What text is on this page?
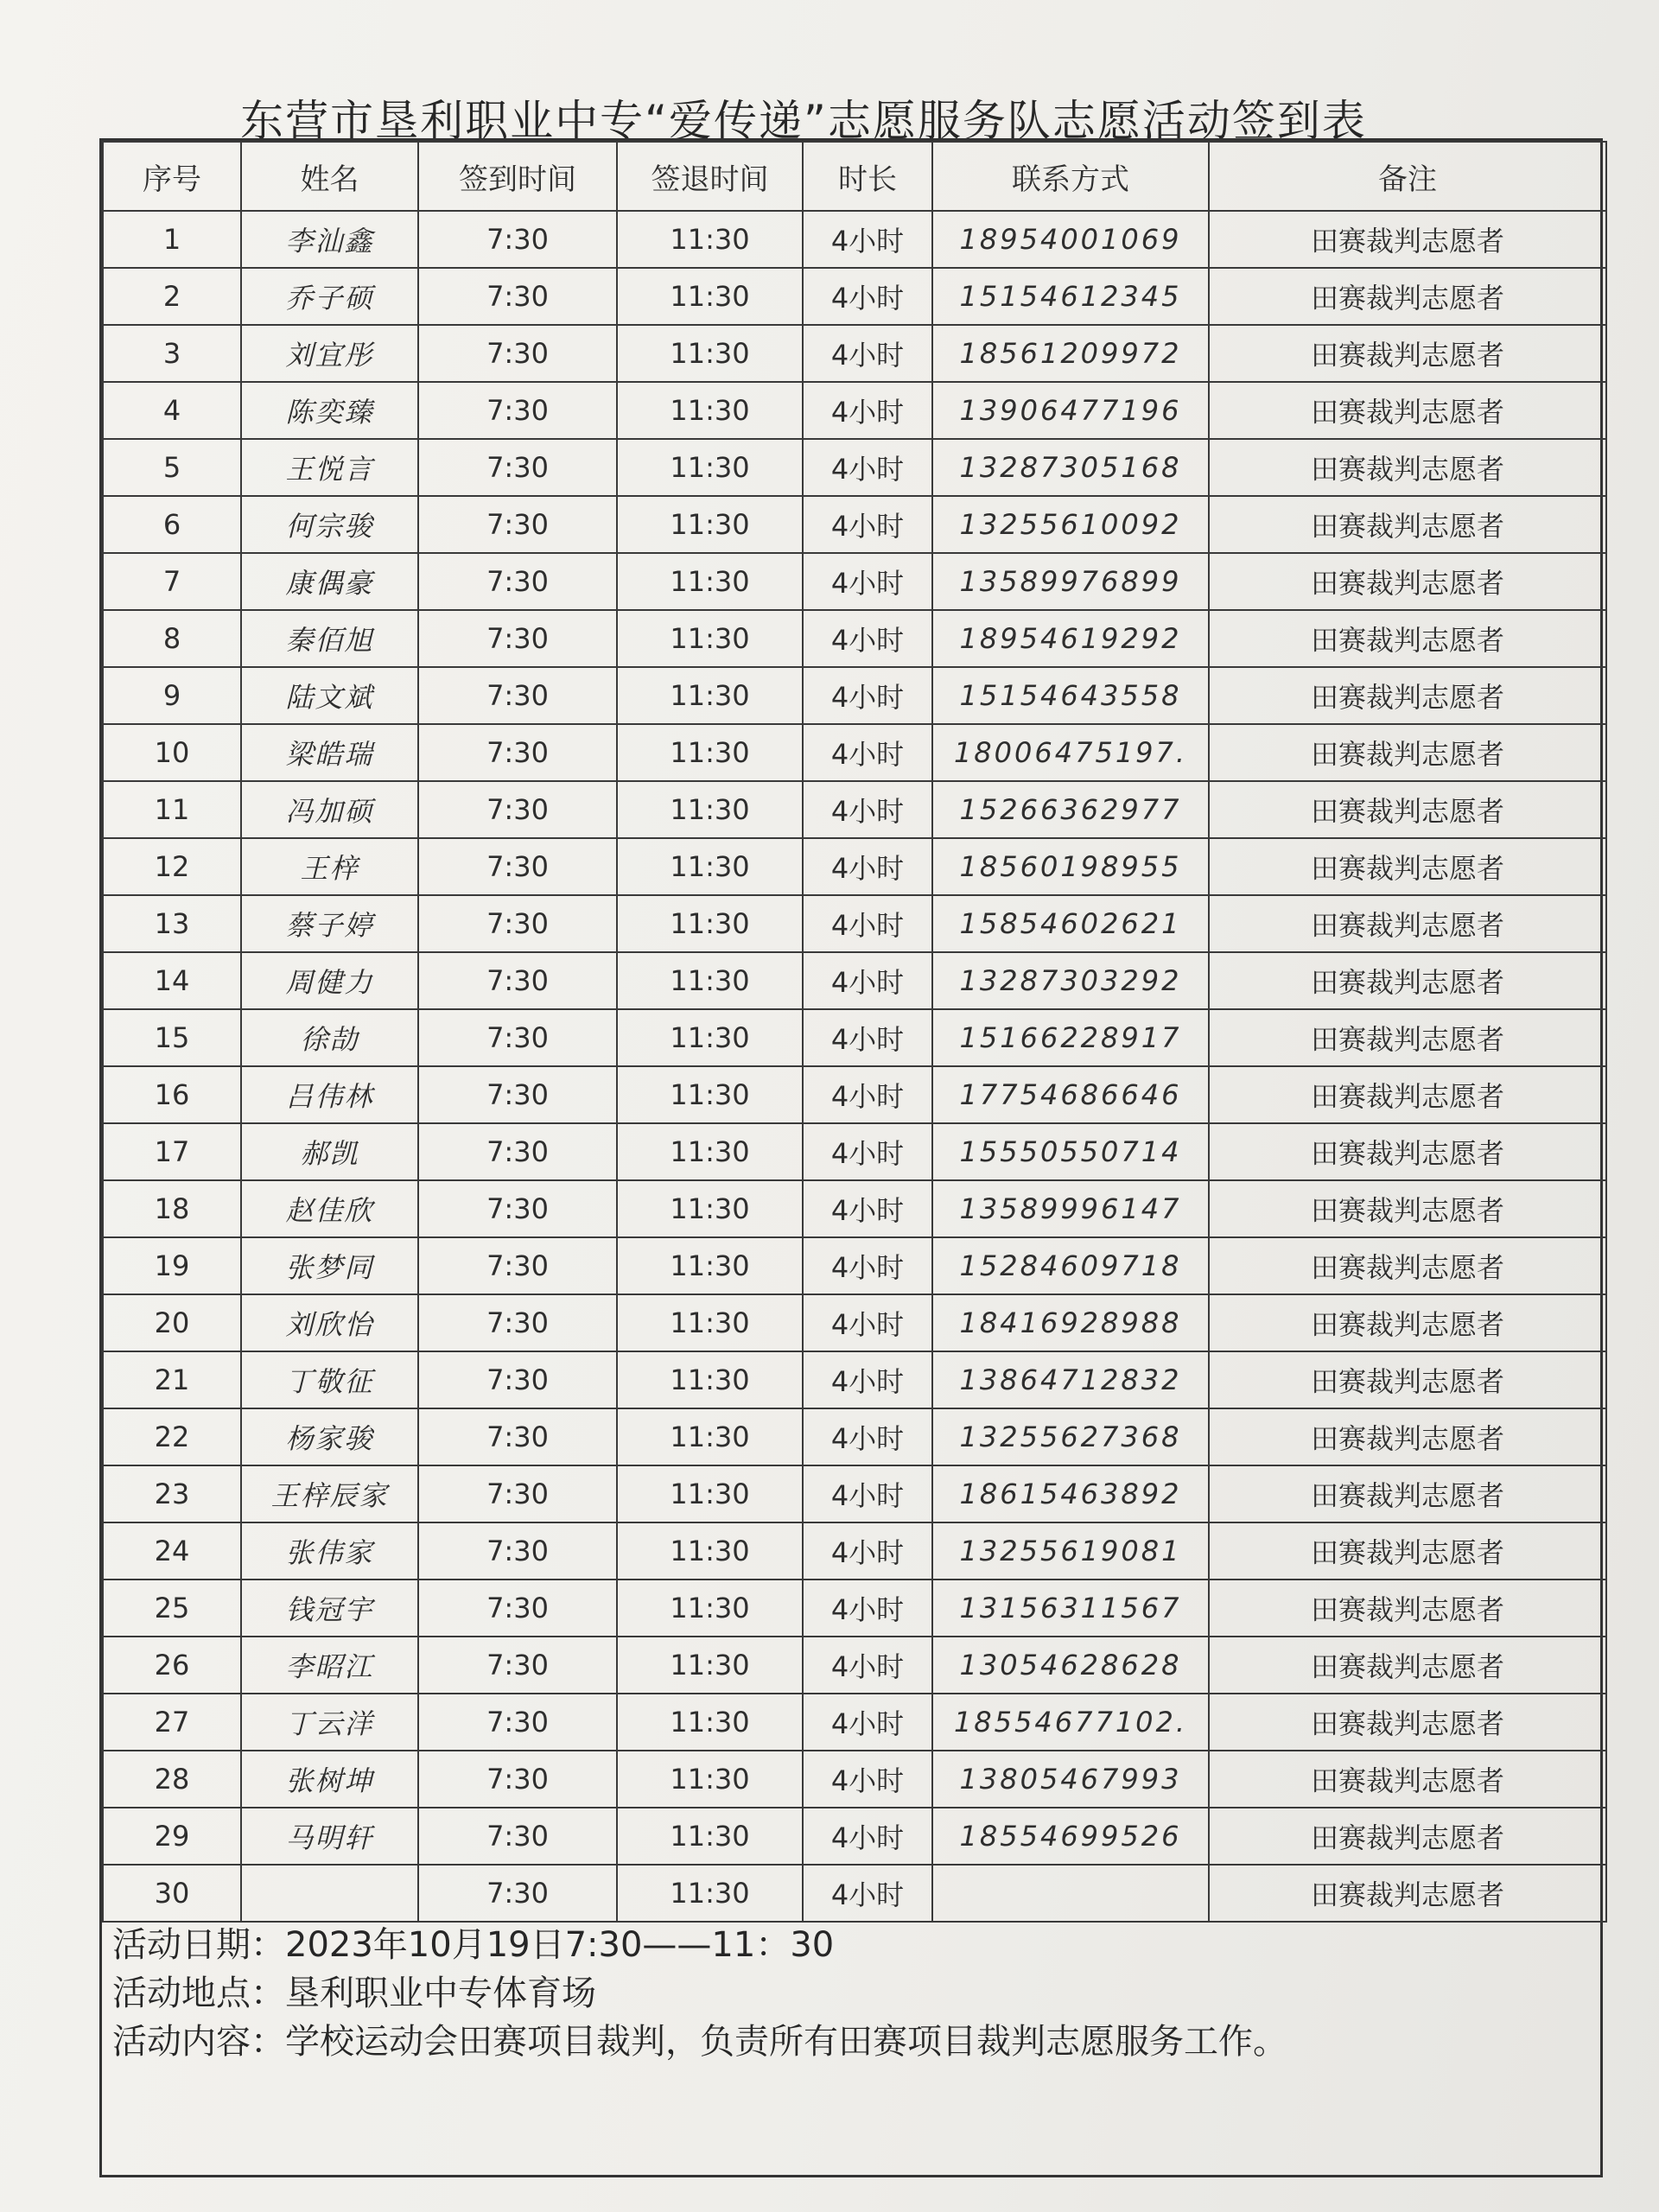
东营市垦利职业中专“爱传递”志愿服务队志愿活动签到表
序号	姓名	签到时间	签退时间	时长	联系方式	备注
1	李汕鑫	7:30	11:30	4小时	18954001069	田赛裁判志愿者
2	乔子硕	7:30	11:30	4小时	15154612345	田赛裁判志愿者
3	刘宜彤	7:30	11:30	4小时	18561209972	田赛裁判志愿者
4	陈奕臻	7:30	11:30	4小时	13906477196	田赛裁判志愿者
5	王悦言	7:30	11:30	4小时	13287305168	田赛裁判志愿者
6	何宗骏	7:30	11:30	4小时	13255610092	田赛裁判志愿者
7	康偶豪	7:30	11:30	4小时	13589976899	田赛裁判志愿者
8	秦佰旭	7:30	11:30	4小时	18954619292	田赛裁判志愿者
9	陆文斌	7:30	11:30	4小时	15154643558	田赛裁判志愿者
10	梁皓瑞	7:30	11:30	4小时	18006475197.	田赛裁判志愿者
11	冯加硕	7:30	11:30	4小时	15266362977	田赛裁判志愿者
12	王梓	7:30	11:30	4小时	18560198955	田赛裁判志愿者
13	蔡子婷	7:30	11:30	4小时	15854602621	田赛裁判志愿者
14	周健力	7:30	11:30	4小时	13287303292	田赛裁判志愿者
15	徐劼	7:30	11:30	4小时	15166228917	田赛裁判志愿者
16	吕伟林	7:30	11:30	4小时	17754686646	田赛裁判志愿者
17	郝凯	7:30	11:30	4小时	15550550714	田赛裁判志愿者
18	赵佳欣	7:30	11:30	4小时	13589996147	田赛裁判志愿者
19	张梦同	7:30	11:30	4小时	15284609718	田赛裁判志愿者
20	刘欣怡	7:30	11:30	4小时	18416928988	田赛裁判志愿者
21	丁敬征	7:30	11:30	4小时	13864712832	田赛裁判志愿者
22	杨家骏	7:30	11:30	4小时	13255627368	田赛裁判志愿者
23	王梓辰家	7:30	11:30	4小时	18615463892	田赛裁判志愿者
24	张伟家	7:30	11:30	4小时	13255619081	田赛裁判志愿者
25	钱冠宇	7:30	11:30	4小时	13156311567	田赛裁判志愿者
26	李昭江	7:30	11:30	4小时	13054628628	田赛裁判志愿者
27	丁云洋	7:30	11:30	4小时	18554677102.	田赛裁判志愿者
28	张树坤	7:30	11:30	4小时	13805467993	田赛裁判志愿者
29	马明轩	7:30	11:30	4小时	18554699526	田赛裁判志愿者
30		7:30	11:30	4小时		田赛裁判志愿者
活动日期：2023年10月19日7:30——11：30
活动地点：垦利职业中专体育场
活动内容：学校运动会田赛项目裁判，负责所有田赛项目裁判志愿服务工作。
